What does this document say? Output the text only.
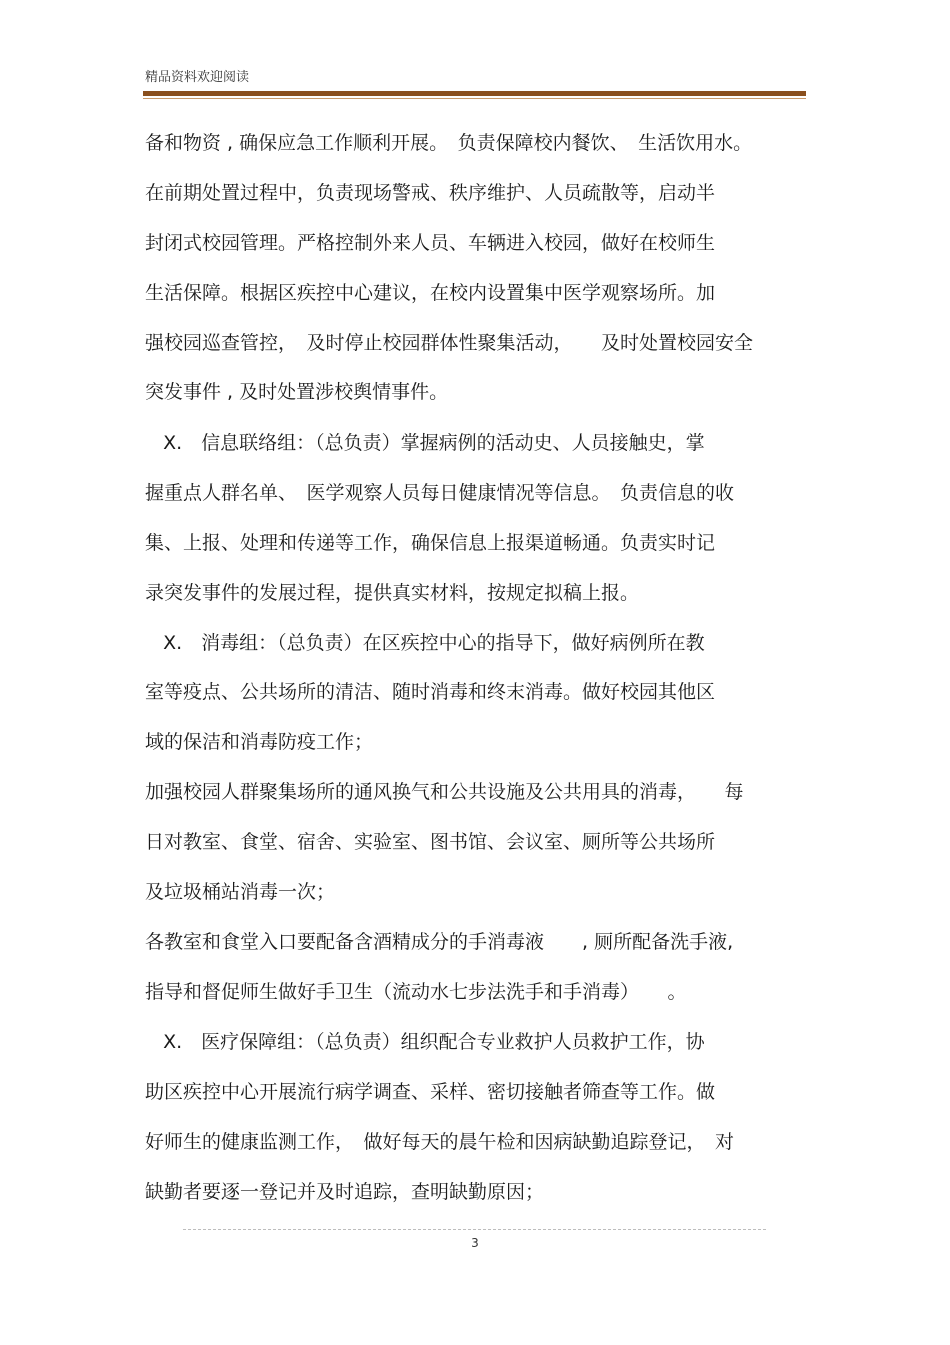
精品资料欢迎阅读
备和物资 , 确保应急工作顺利开展。　负责保障校内餐饮、　生活饮用水。
在前期处置过程中，负责现场警戒、秩序维护、人员疏散等，启动半
封闭式校园管理。严格控制外来人员、车辆进入校园，做好在校师生
生活保障。根据区疾控中心建议，在校内设置集中医学观察场所。加
强校园巡查管控，　及时停止校园群体性聚集活动，　　及时处置校园安全
突发事件 , 及时处置涉校舆情事件。
X.　信息联络组：（总负责）掌握病例的活动史、人员接触史，掌
握重点人群名单、　医学观察人员每日健康情况等信息。　负责信息的收
集、上报、处理和传递等工作，确保信息上报渠道畅通。负责实时记
录突发事件的发展过程，提供真实材料，按规定拟稿上报。
X.　消毒组：（总负责）在区疾控中心的指导下，做好病例所在教
室等疫点、公共场所的清洁、随时消毒和终末消毒。做好校园其他区
域的保洁和消毒防疫工作；
加强校园人群聚集场所的通风换气和公共设施及公共用具的消毒，　　每
日对教室、食堂、宿舍、实验室、图书馆、会议室、厕所等公共场所
及垃圾桶站消毒一次；
各教室和食堂入口要配备含酒精成分的手消毒液　　, 厕所配备洗手液,
指导和督促师生做好手卫生（流动水七步法洗手和手消毒）　　。
X.　医疗保障组：（总负责）组织配合专业救护人员救护工作，协
助区疾控中心开展流行病学调查、采样、密切接触者筛查等工作。做
好师生的健康监测工作，　做好每天的晨午检和因病缺勤追踪登记，　对
缺勤者要逐一登记并及时追踪，查明缺勤原因；
3
